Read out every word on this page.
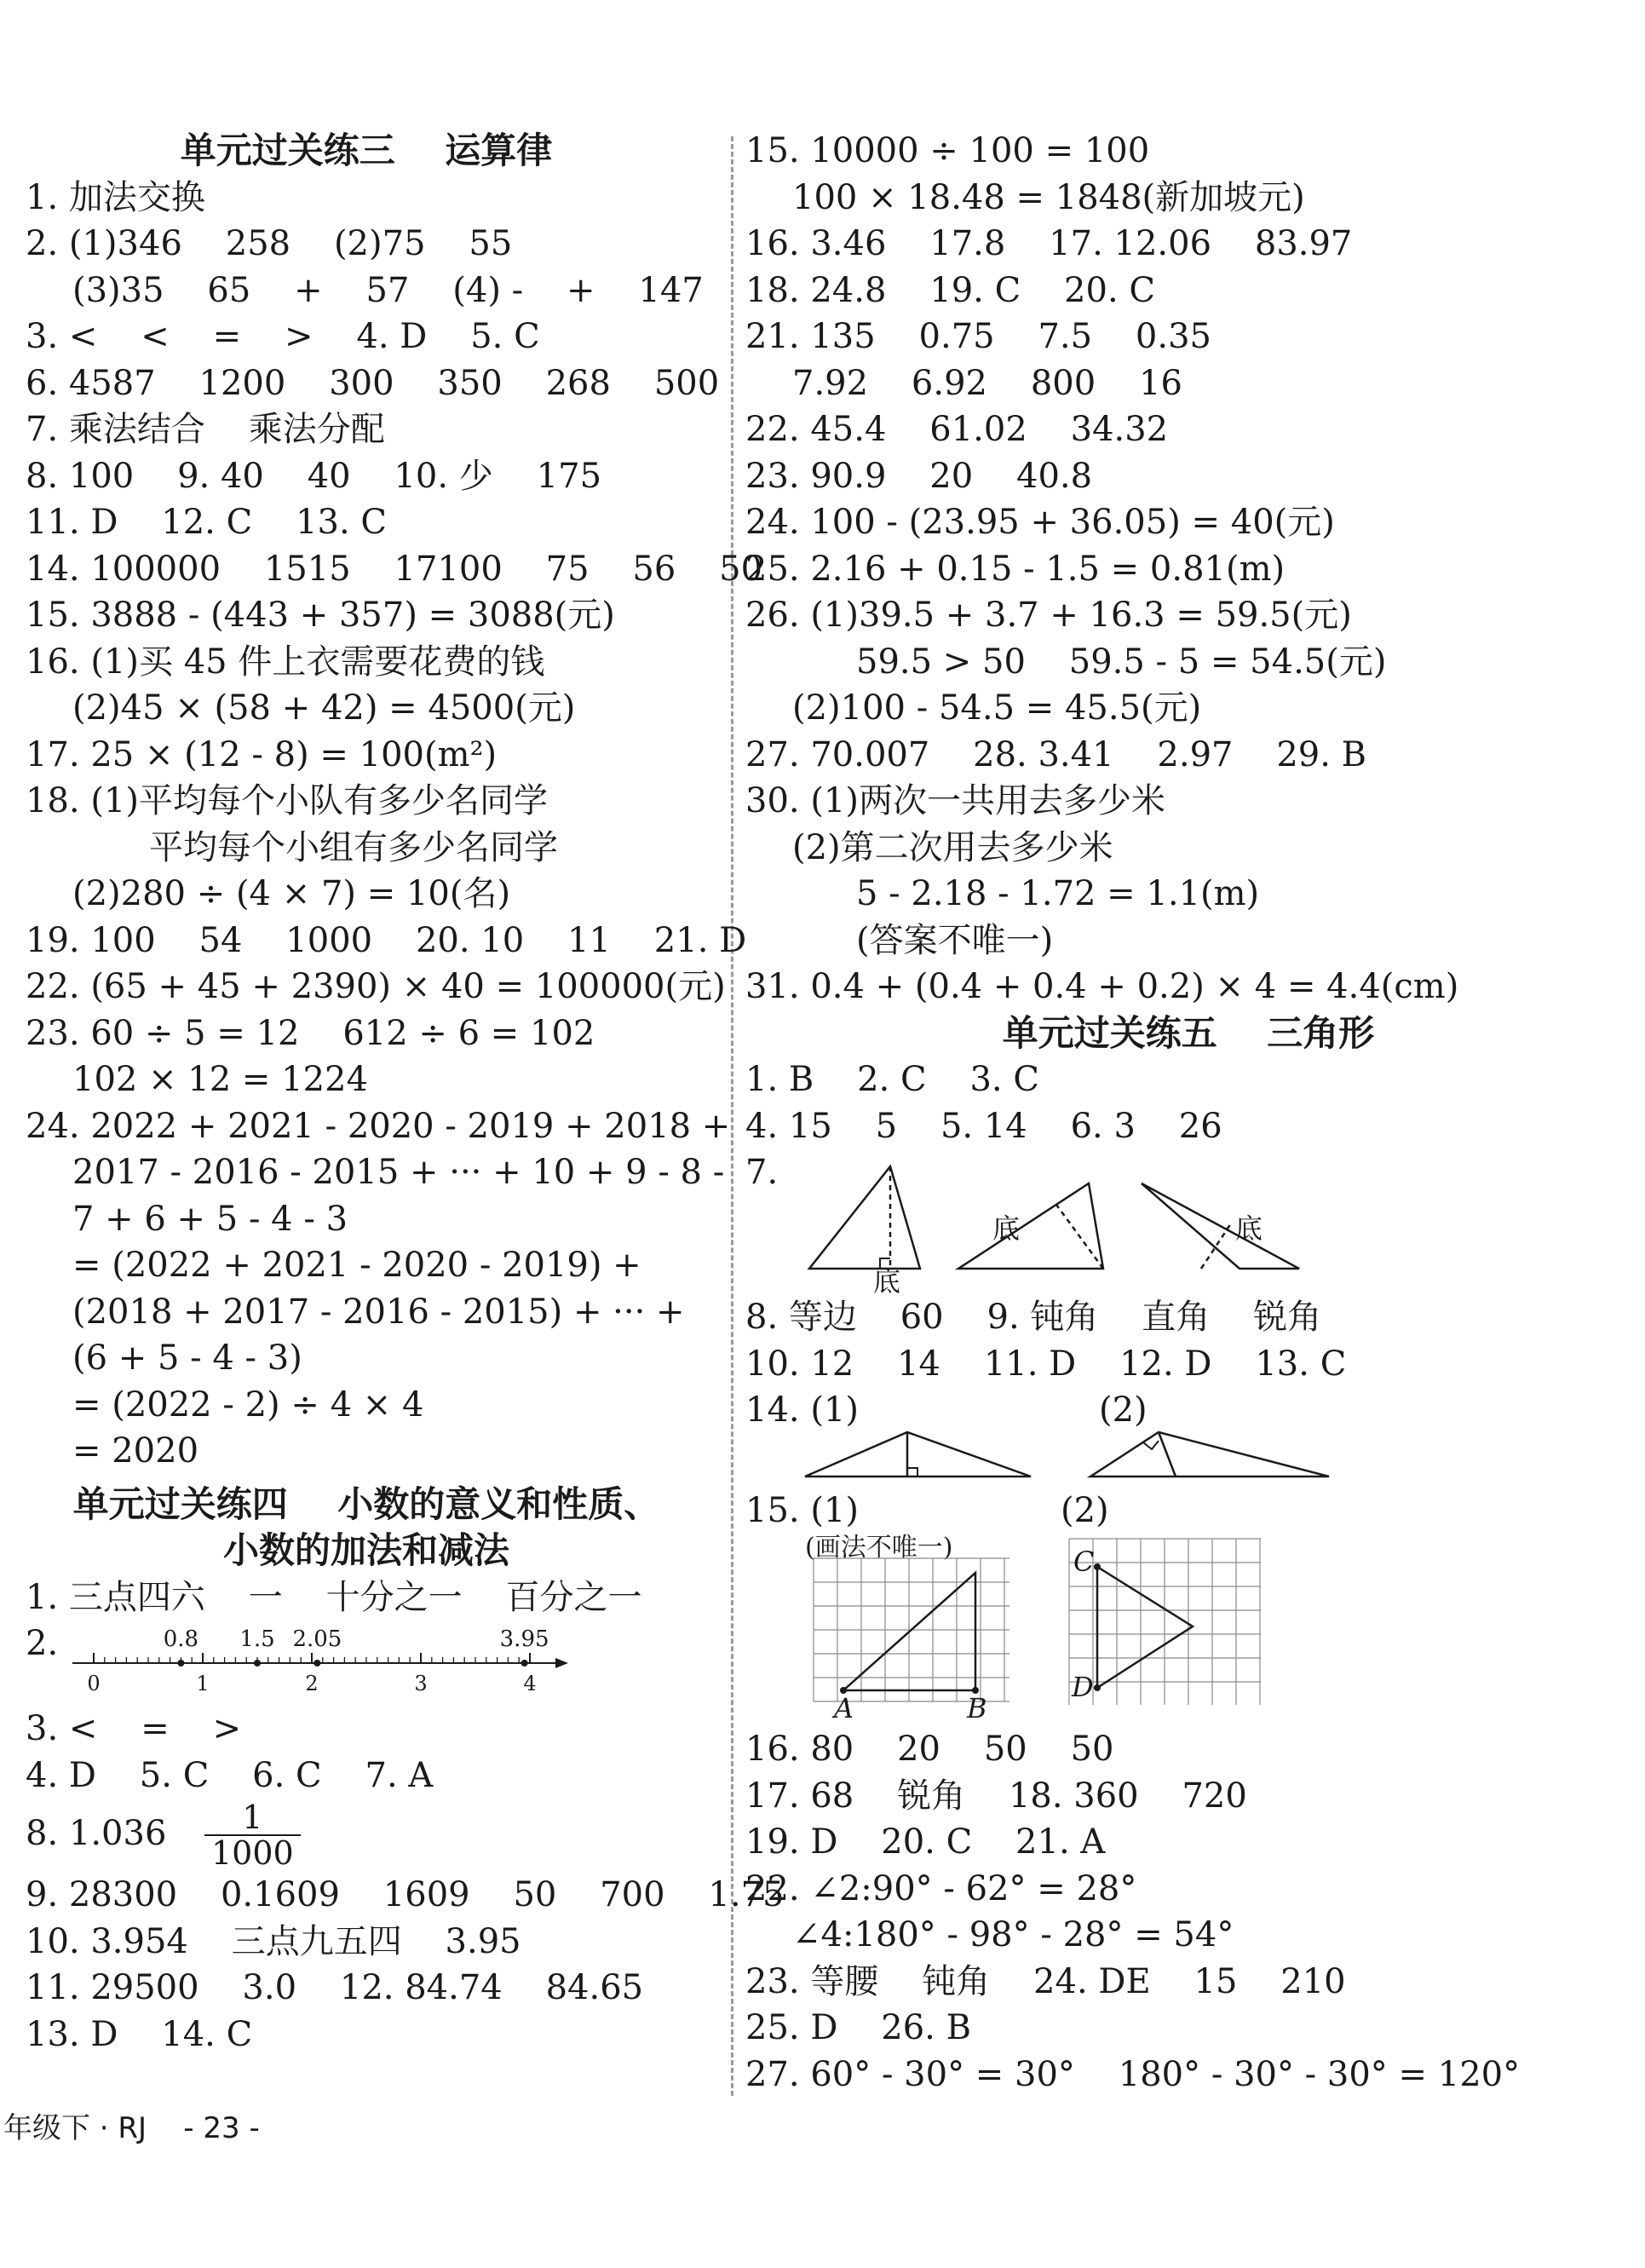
单元过关练三    运算律
1. 加法交换
2. (1)346    258    (2)75    55
(3)35    65    +    57    (4) -    +    147
3. <    <    =    >    4. D    5. C
6. 4587    1200    300    350    268    500
7. 乘法结合    乘法分配
8. 100    9. 40    40    10. 少    175
11. D    12. C    13. C
14. 100000    1515    17100    75    56    50
15. 3888 - (443 + 357) = 3088(元)
16. (1)买 45 件上衣需要花费的钱
(2)45 × (58 + 42) = 4500(元)
17. 25 × (12 - 8) = 100(m²)
18. (1)平均每个小队有多少名同学
平均每个小组有多少名同学
(2)280 ÷ (4 × 7) = 10(名)
19. 100    54    1000    20. 10    11    21. D
22. (65 + 45 + 2390) × 40 = 100000(元)
23. 60 ÷ 5 = 12    612 ÷ 6 = 102
102 × 12 = 1224
24. 2022 + 2021 - 2020 - 2019 + 2018 +
2017 - 2016 - 2015 + ··· + 10 + 9 - 8 -
7 + 6 + 5 - 4 - 3
= (2022 + 2021 - 2020 - 2019) +
(2018 + 2017 - 2016 - 2015) + ··· +
(6 + 5 - 4 - 3)
= (2022 - 2) ÷ 4 × 4
= 2020
单元过关练四    小数的意义和性质、
小数的加法和减法
1. 三点四六    一    十分之一    百分之一
2.
0	1	2	3	4
0.8 1.5 2.05	3.95
3. <    =    >
4. D    5. C    6. C    7. A
8. $1.036 \frac{1}{1000}$
9. 28300    0.1609    1609    50    700    1.75
10. 3.954    三点九五四    3.95
11. 29500    3.0    12. 84.74    84.65
13. D    14. C
15. 10000 ÷ 100 = 100
100 × 18.48 = 1848(新加坡元)
16. 3.46    17.8    17. 12.06    83.97
18. 24.8    19. C    20. C
21. 135    0.75    7.5    0.35
7.92    6.92    800    16
22. 45.4    61.02    34.32
23. 90.9    20    40.8
24. 100 - (23.95 + 36.05) = 40(元)
25. 2.16 + 0.15 - 1.5 = 0.81(m)
26. (1)39.5 + 3.7 + 16.3 = 59.5(元)
59.5 > 50    59.5 - 5 = 54.5(元)
(2)100 - 54.5 = 45.5(元)
27. 70.007    28. 3.41    2.97    29. B
30. (1)两次一共用去多少米
(2)第二次用去多少米
5 - 2.18 - 1.72 = 1.1(m)
(答案不唯一)
31. 0.4 + (0.4 + 0.4 + 0.2) × 4 = 4.4(cm)
单元过关练五    三角形
1. B    2. C    3. C
4. 15    5    5. 14    6. 3    26
7.
底
底	底
8. 等边    60    9. 钝角    直角    锐角
10. 12    14    11. D    12. D    13. C
14. (1)	(2)
15. (1)	(2)
(画法不唯一)
A	B
C
D
16. 80    20    50    50
17. 68    锐角    18. 360    720
19. D    20. C    21. A
22. ∠2:90° - 62° = 28°
∠4:180° - 98° - 28° = 54°
23. 等腰    钝角    24. DE    15    210
25. D    26. B
27. 60° - 30° = 30°    180° - 30° - 30° = 120°
年级下 · RJ    - 23 -
